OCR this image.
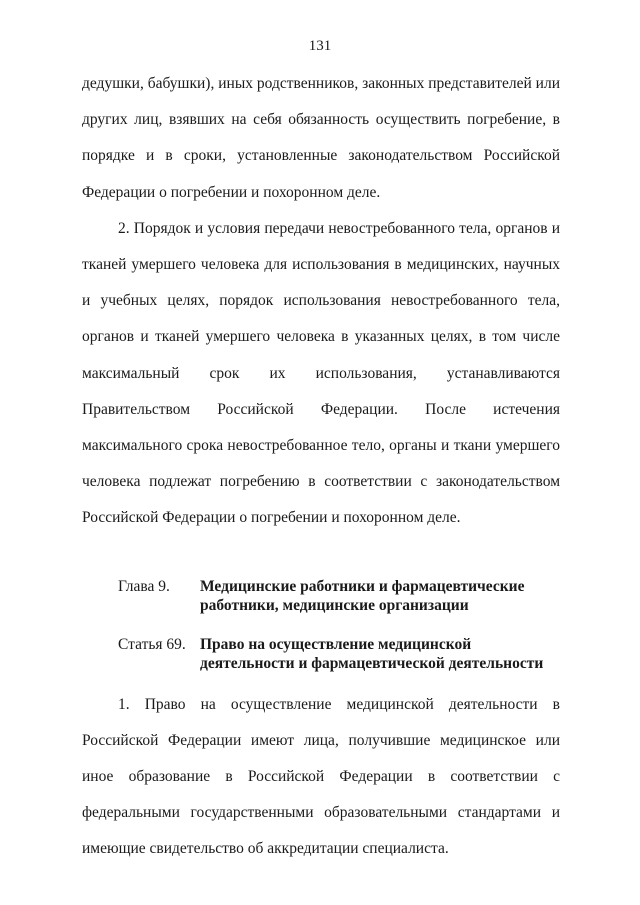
131

дедушки, бабушки), иных родственников, законных представителей или других лиц, взявших на себя обязанность осуществить погребение, в порядке и в сроки, установленные законодательством Российской Федерации о погребении и похоронном деле.

2. Порядок и условия передачи невостребованного тела, органов и тканей умершего человека для использования в медицинских, научных и учебных целях, порядок использования невостребованного тела, органов и тканей умершего человека в указанных целях, в том числе максимальный срок их использования, устанавливаются Правительством Российской Федерации. После истечения максимального срока невостребованное тело, органы и ткани умершего человека подлежат погребению в соответствии с законодательством Российской Федерации о погребении и похоронном деле.

Глава 9.	Медицинские работники и фармацевтические работники, медицинские организации
Статья 69. Право на осуществление медицинской деятельности и фармацевтической деятельности

1. Право на осуществление медицинской деятельности в Российской Федерации имеют лица, получившие медицинское или иное образование в Российской Федерации в соответствии с федеральными государственными образовательными стандартами и имеющие свидетельство об аккредитации специалиста.
